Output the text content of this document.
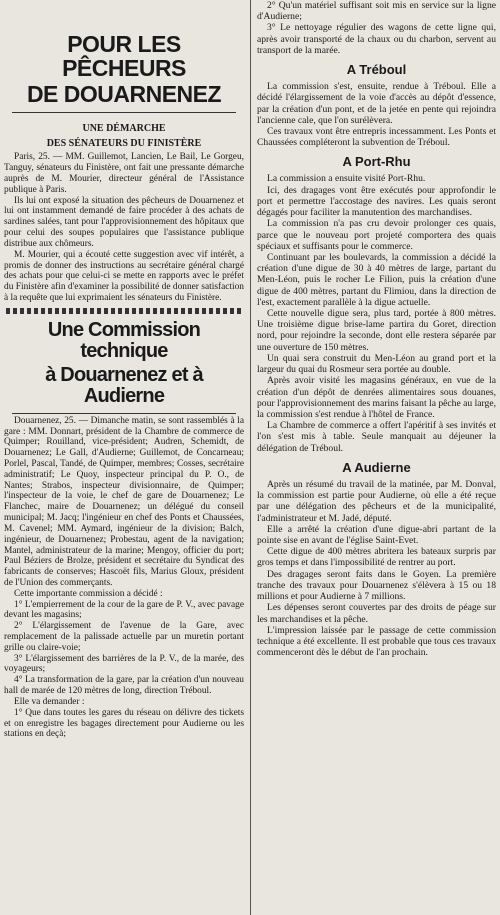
POUR LES PÊCHEURS
DE DOUARNENEZ
UNE DÉMARCHE
DES SÉNATEURS DU FINISTÈRE

Paris, 25. — MM. Guillemot, Lancien, Le Bail, Le Gorgeu, Tanguy, sénateurs du Finistère, ont fait une pressante démarche auprès de M. Mourier, directeur général de l'Assistance publique à Paris.

Ils lui ont exposé la situation des pêcheurs de Douarnenez et lui ont instamment demandé de faire procéder à des achats de sardines salées, tant pour l'approvisionnement des hôpitaux que pour celui des soupes populaires que l'assistance publique distribue aux chômeurs.

M. Mourier, qui a écouté cette suggestion avec vif intérêt, a promis de donner des instructions au secrétaire général chargé des achats pour que celui-ci se mette en rapports avec le préfet du Finistère afin d'examiner la possibilité de donner satisfaction à la requête que lui exprimaient les sénateurs du Finistère.

Une Commission technique
à Douarnenez et à Audierne

Douarnenez, 25. — Dimanche matin, se sont rassemblés à la gare : MM. Donnart, président de la Chambre de commerce de Quimper; Rouilland, vice-président; Audren, Schemidt, de Douarnenez; Le Gall, d'Audierne; Guillemot, de Concarneau; Porlel, Pascal, Tandé, de Quimper, membres; Cosses, secrétaire administratif; Le Quoy, inspecteur principal du P. O., de Nantes; Strabos, inspecteur divisionnaire, de Quimper; l'inspecteur de la voie, le chef de gare de Douarnenez; Le Flanchec, maire de Douarnenez; un délégué du conseil municipal; M. Jacq; l'ingénieur en chef des Ponts et Chaussées, M. Cavenel; MM. Aymard, ingénieur de la division; Balch, ingénieur, de Douarnenez; Probestau, agent de la navigation; Mantel, administrateur de la marine; Mengoy, officier du port; Paul Béziers de Brolze, président et secrétaire du Syndicat des fabricants de conserves; Hascoët fils, Marius Gloux, président de l'Union des commerçants.

Cette importante commission a décidé :

1° L'empierrement de la cour de la gare de P. V., avec pavage devant les magasins;

2° L'élargissement de l'avenue de la Gare, avec remplacement de la palissade actuelle par un muretin portant grille ou claire-voie;

3° L'élargissement des barrières de la P. V., de la marée, des voyageurs;

4° La transformation de la gare, par la création d'un nouveau hall de marée de 120 mètres de long, direction Tréboul.

Elle va demander :

1° Que dans toutes les gares du réseau on délivre des tickets et on enregistre les bagages directement pour Audierne ou les stations en deçà;

2° Qu'un matériel suffisant soit mis en service sur la ligne d'Audierne;

3° Le nettoyage régulier des wagons de cette ligne qui, après avoir transporté de la chaux ou du charbon, servent au transport de la marée.

A Tréboul

La commission s'est, ensuite, rendue à Tréboul. Elle a décidé l'élargissement de la voie d'accès au dépôt d'essence, par la création d'un pont, et de la jetée en pente qui rejoindra l'ancienne cale, que l'on surélèvera.

Ces travaux vont être entrepris incessamment. Les Ponts et Chaussées compléteront la subvention de Tréboul.

A Port-Rhu

La commission a ensuite visité Port-Rhu.

Ici, des dragages vont être exécutés pour approfondir le port et permettre l'accostage des navires. Les quais seront dégagés pour faciliter la manutention des marchandises.

La commission n'a pas cru devoir prolonger ces quais, parce que le nouveau port projeté comportera des quais spéciaux et suffisants pour le commerce.

Continuant par les boulevards, la commission a décidé la création d'une digue de 30 à 40 mètres de large, partant du Men-Léon, puis le rocher Le Filion, puis la création d'une digue de 400 mètres, partant du Flimiou, dans la direction de l'est, exactement parallèle à la digue actuelle.

Cette nouvelle digue sera, plus tard, portée à 800 mètres. Une troisième digue brise-lame partira du Goret, direction nord, pour rejoindre la seconde, dont elle restera séparée par une ouverture de 150 mètres.

Un quai sera construit du Men-Léon au grand port et la largeur du quai du Rosmeur sera portée au double.

Après avoir visité les magasins généraux, en vue de la création d'un dépôt de denrées alimentaires sous douanes, pour l'approvisionnement des marins faisant la pêche au large, la commission s'est rendue à l'hôtel de France.

La Chambre de commerce a offert l'apéritif à ses invités et l'on s'est mis à table. Seule manquait au déjeuner la délégation de Tréboul.

A Audierne

Après un résumé du travail de la matinée, par M. Donval, la commission est partie pour Audierne, où elle a été reçue par une délégation des pêcheurs et de la municipalité, l'administrateur et M. Jadé, député.

Elle a arrêté la création d'une digue-abri partant de la pointe sise en avant de l'église Saint-Evet.

Cette digue de 400 mètres abritera les bateaux surpris par gros temps et dans l'impossibilité de rentrer au port.

Des dragages seront faits dans le Goyen. La première tranche des travaux pour Douarnenez s'élèvera à 15 ou 18 millions et pour Audierne à 7 millions.

Les dépenses seront couvertes par des droits de péage sur les marchandises et la pêche.

L'impression laissée par le passage de cette commission technique a été excellente. Il est probable que tous ces travaux commenceront dès le début de l'an prochain.
